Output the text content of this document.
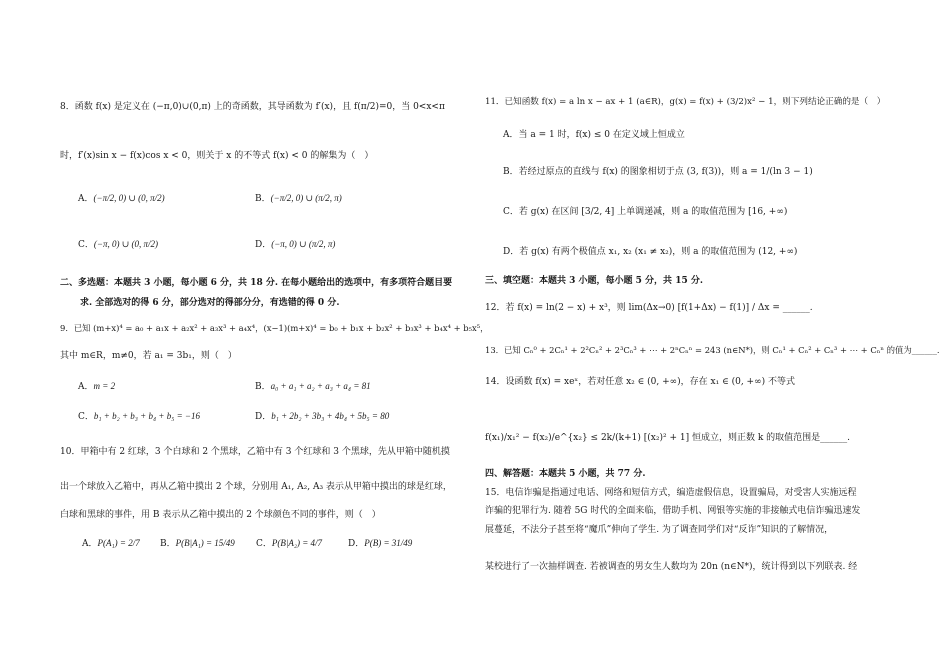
8．函数 f(x) 是定义在 (−π,0)∪(0,π) 上的奇函数，其导函数为 f′(x)，且 f(π/2)=0，当 0<x<π
时，f′(x)sin x − f(x)cos x < 0，则关于 x 的不等式 f(x) < 0 的解集为（　）
A．(−π/2, 0) ∪ (0, π/2)	B．(−π/2, 0) ∪ (π/2, π)
C．(−π, 0) ∪ (0, π/2)	D．(−π, 0) ∪ (π/2, π)
二、多选题：本题共 3 小题，每小题 6 分，共 18 分. 在每小题给出的选项中，有多项符合题目要
求. 全部选对的得 6 分，部分选对的得部分分，有选错的得 0 分.
9．已知 (m+x)⁴ = a₀ + a₁x + a₂x² + a₃x³ + a₄x⁴，(x−1)(m+x)⁴ = b₀ + b₁x + b₂x² + b₃x³ + b₄x⁴ + b₅x⁵，
其中 m∈R，m≠0，若 a₁ = 3b₁，则（　）
A．m = 2	B．a₀ + a₁ + a₂ + a₃ + a₄ = 81
C．b₁ + b₂ + b₃ + b₄ + b₅ = −16	D．b₁ + 2b₂ + 3b₃ + 4b₄ + 5b₅ = 80
10．甲箱中有 2 红球，3 个白球和 2 个黑球，乙箱中有 3 个红球和 3 个黑球，先从甲箱中随机摸
出一个球放入乙箱中，再从乙箱中摸出 2 个球，分别用 A₁, A₂, A₃ 表示从甲箱中摸出的球是红球，
白球和黑球的事件，用 B 表示从乙箱中摸出的 2 个球颜色不同的事件，则（　）
A．P(A₁) = 2/7 B．P(B|A₁) = 15/49 C．P(B|A₂) = 4/7	D．P(B) = 31/49
11．已知函数 f(x) = a ln x − ax + 1 (a∈R)，g(x) = f(x) + (3/2)x² − 1，则下列结论正确的是（　）
A．当 a = 1 时，f(x) ≤ 0 在定义域上恒成立
B．若经过原点的直线与 f(x) 的图象相切于点 (3, f(3))，则 a = 1/(ln 3 − 1)
C．若 g(x) 在区间 [3/2, 4] 上单调递减，则 a 的取值范围为 [16, +∞)
D．若 g(x) 有两个极值点 x₁, x₂ (x₁ ≠ x₂)，则 a 的取值范围为 (12, +∞)
三、填空题：本题共 3 小题，每小题 5 分，共 15 分.
12．若 f(x) = ln(2 − x) + x³，则 lim(Δx→0) [f(1+Δx) − f(1)] / Δx = ______.
13．已知 Cₙ⁰ + 2Cₙ¹ + 2²Cₙ² + 2³Cₙ³ + ⋯ + 2ⁿCₙⁿ = 243 (n∈N*)，则 Cₙ¹ + Cₙ² + Cₙ³ + ⋯ + Cₙⁿ 的值为______.
14．设函数 f(x) = xeˣ，若对任意 x₂ ∈ (0, +∞)，存在 x₁ ∈ (0, +∞) 不等式
f(x₁)/x₁² − f(x₂)/e^{x₂} ≤ 2k/(k+1) [(x₂)² + 1] 恒成立，则正数 k 的取值范围是______.
四、解答题：本题共 5 小题，共 77 分.
15．电信诈骗是指通过电话、网络和短信方式，编造虚假信息，设置骗局，对受害人实施远程
诈骗的犯罪行为. 随着 5G 时代的全面来临，借助手机、网银等实施的非接触式电信诈骗迅速发
展蔓延，不法分子甚至将“魔爪”伸向了学生. 为了调查同学们对“反诈”知识的了解情况，
某校进行了一次抽样调查. 若被调查的男女生人数均为 20n (n∈N*)，统计得到以下列联表. 经
